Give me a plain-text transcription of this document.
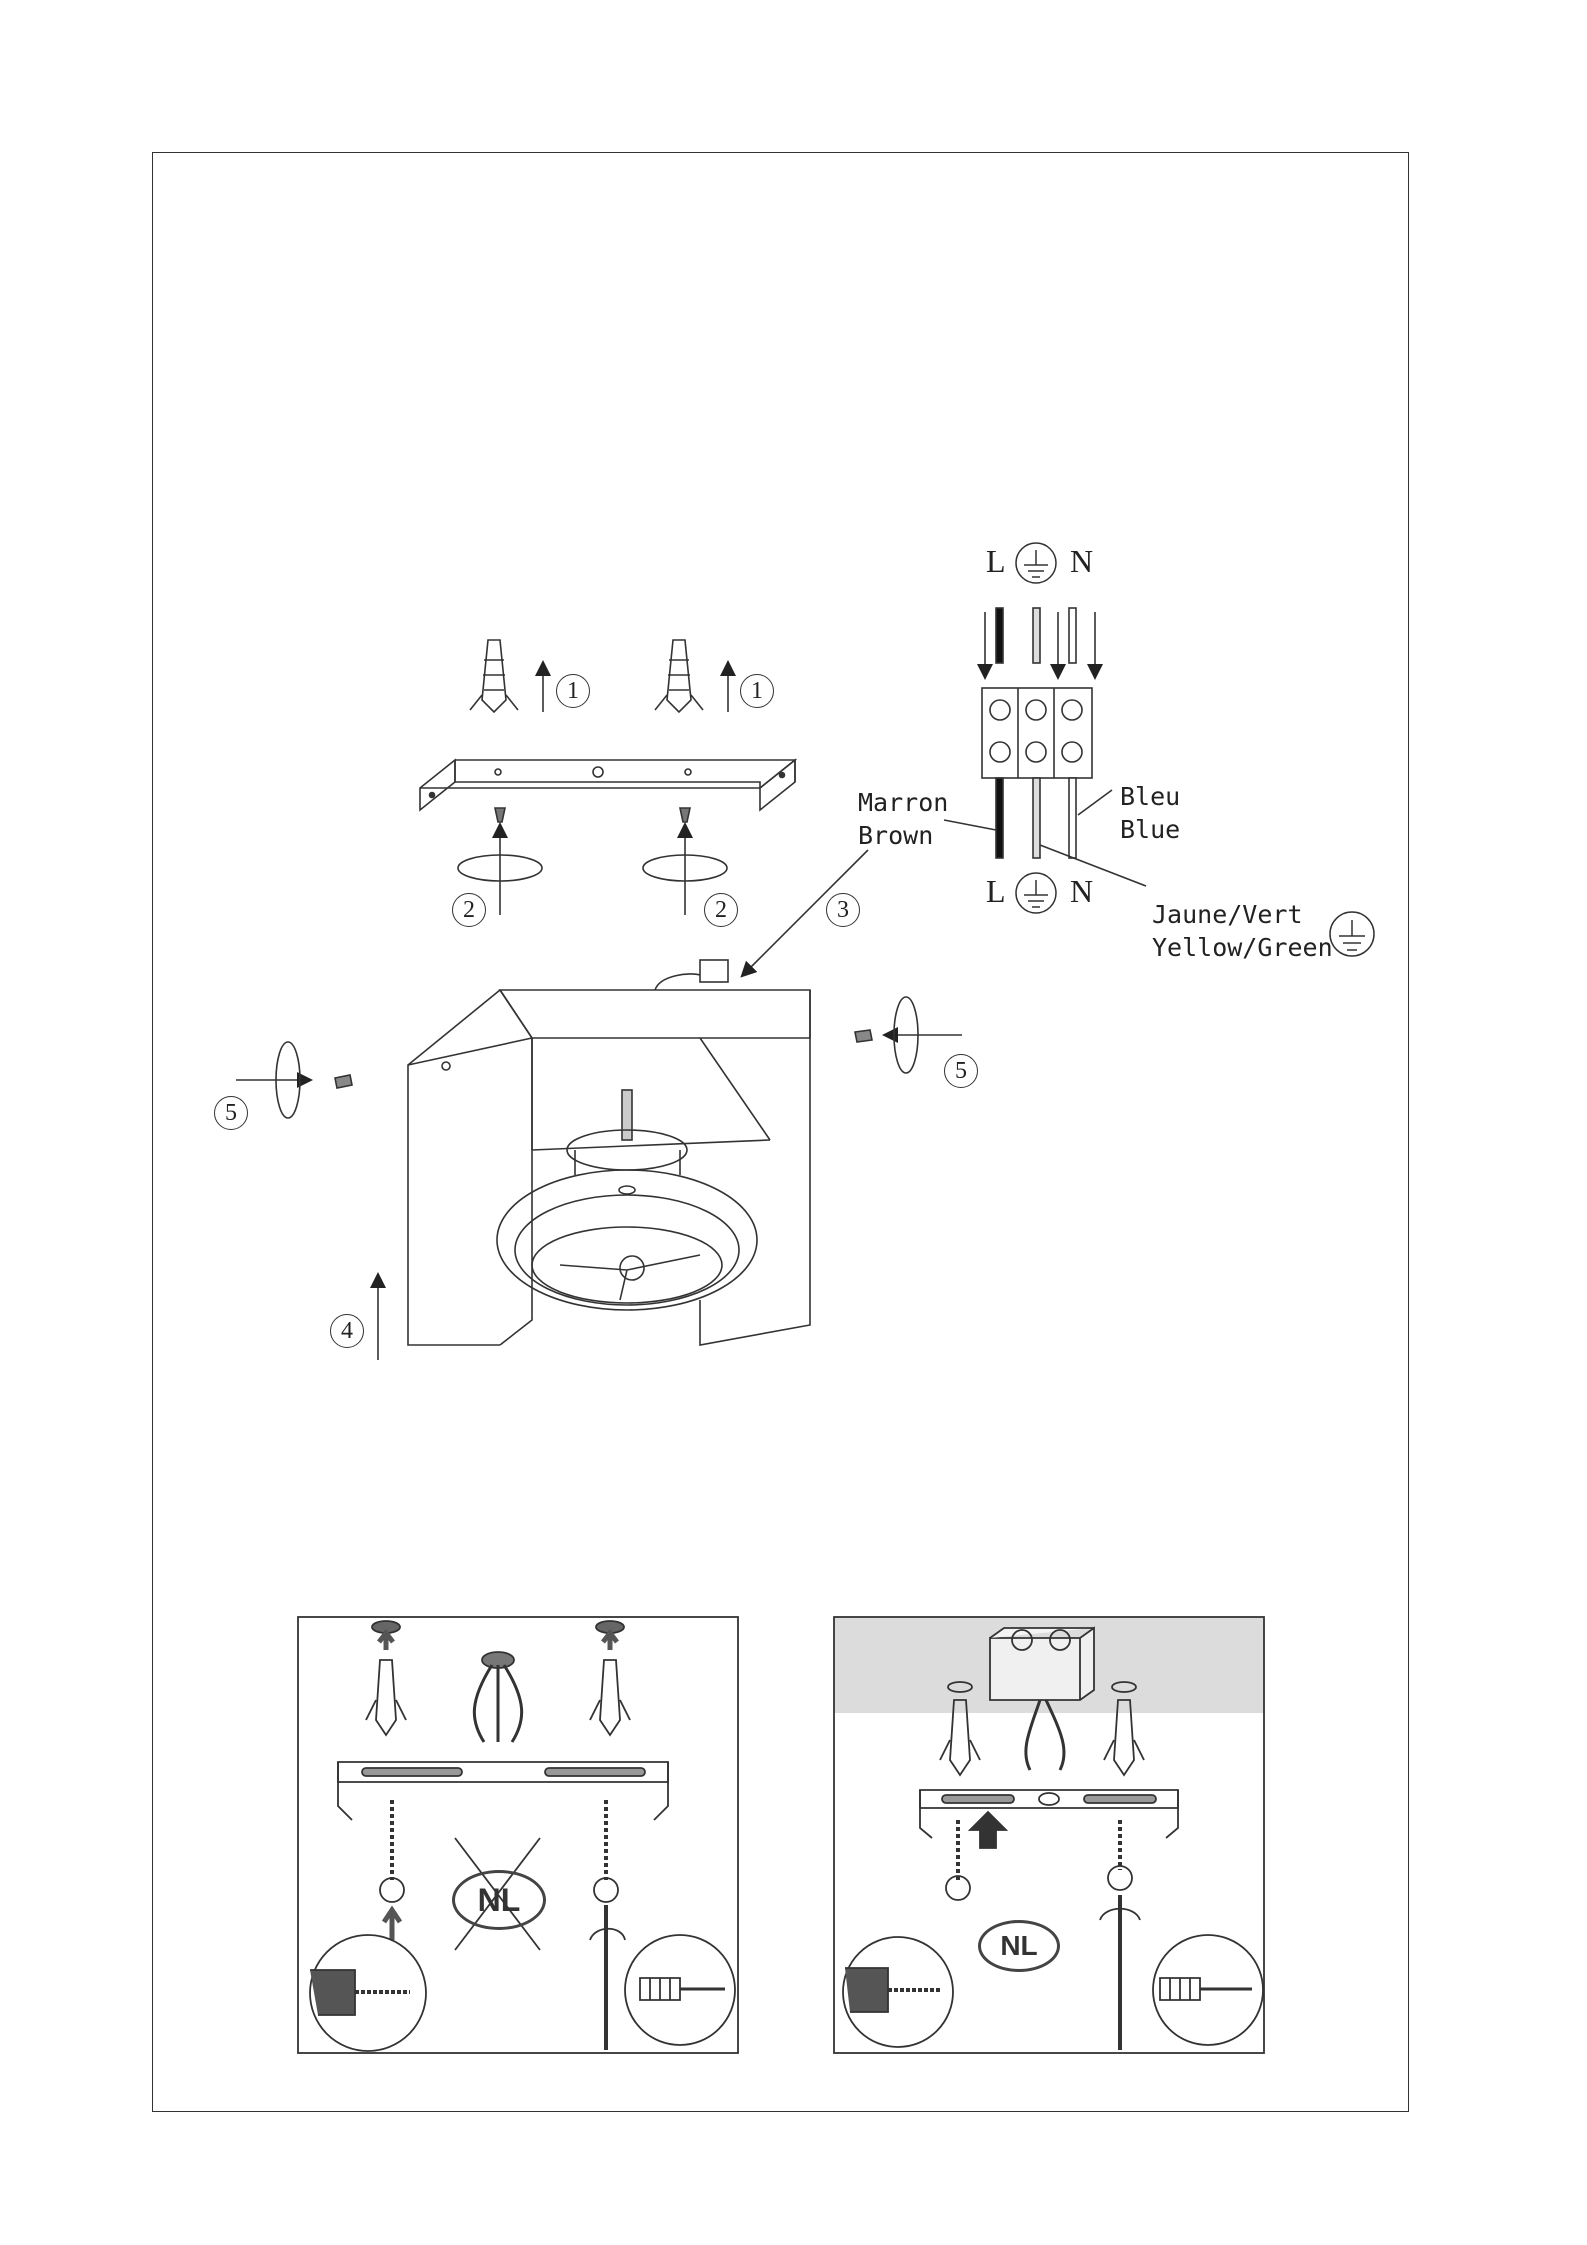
L N
L N
Marron
Brown
Bleu
Blue
Jaune/Vert
Yellow/Green
1	1
2	2	3
4
5
5
NL
NL
